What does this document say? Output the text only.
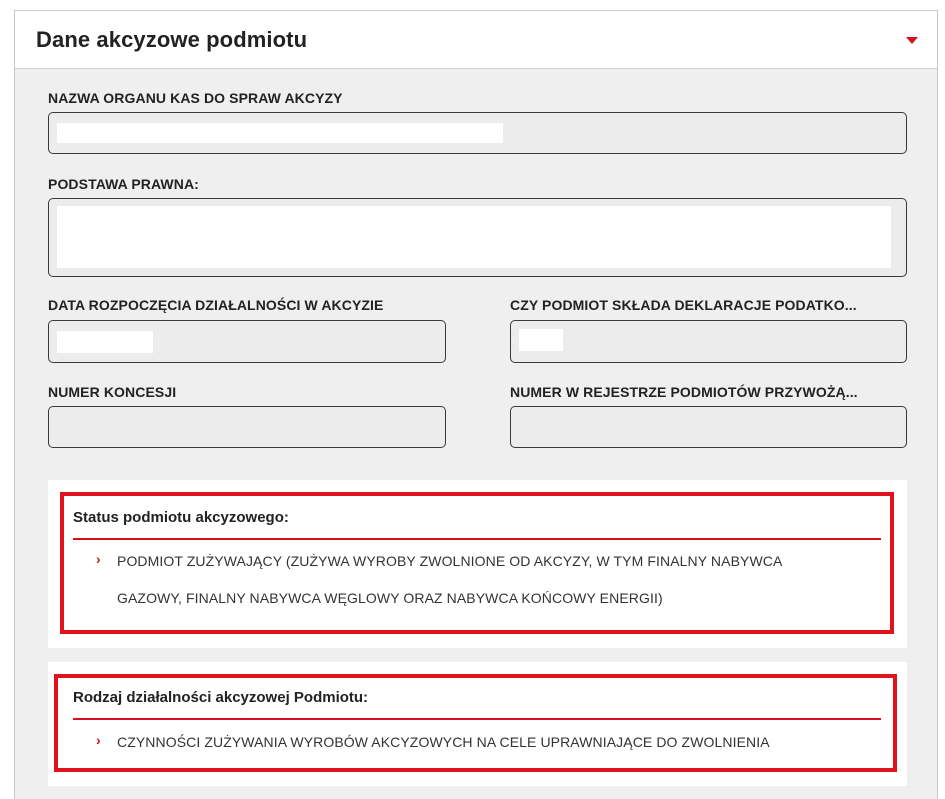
Dane akcyzowe podmiotu
NAZWA ORGANU KAS DO SPRAW AKCYZY
PODSTAWA PRAWNA:
DATA ROZPOCZĘCIA DZIAŁALNOŚCI W AKCYZIE	CZY PODMIOT SKŁADA DEKLARACJE PODATKO...
NUMER KONCESJI	NUMER W REJESTRZE PODMIOTÓW PRZYWOŻĄ...
Status podmiotu akcyzowego:
› PODMIOT ZUŻYWAJĄCY (ZUŻYWA WYROBY ZWOLNIONE OD AKCYZY, W TYM FINALNY NABYWCA
GAZOWY, FINALNY NABYWCA WĘGLOWY ORAZ NABYWCA KOŃCOWY ENERGII)
Rodzaj działalności akcyzowej Podmiotu:
› CZYNNOŚCI ZUŻYWANIA WYROBÓW AKCYZOWYCH NA CELE UPRAWNIAJĄCE DO ZWOLNIENIA
